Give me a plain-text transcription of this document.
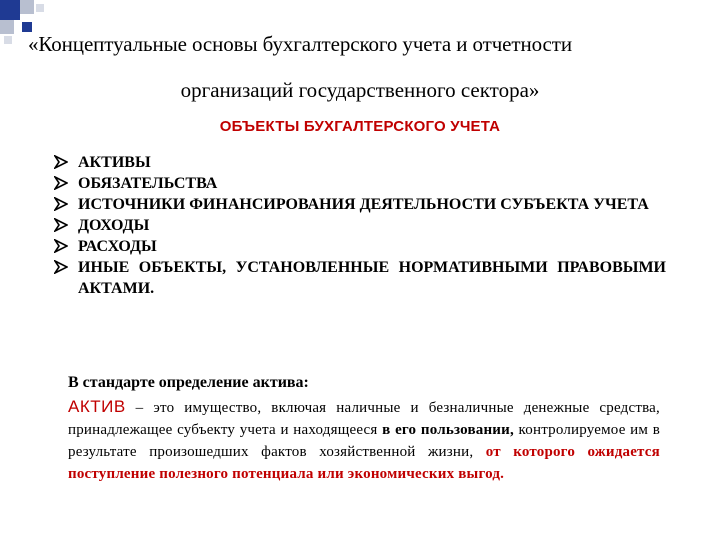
«Концептуальные основы бухгалтерского учета и отчетности
организаций государственного сектора»
ОБЪЕКТЫ БУХГАЛТЕРСКОГО УЧЕТА
АКТИВЫ
ОБЯЗАТЕЛЬСТВА
ИСТОЧНИКИ ФИНАНСИРОВАНИЯ ДЕЯТЕЛЬНОСТИ СУБЪЕКТА УЧЕТА
ДОХОДЫ
РАСХОДЫ
ИНЫЕ ОБЪЕКТЫ, УСТАНОВЛЕННЫЕ НОРМАТИВНЫМИ ПРАВОВЫМИ АКТАМИ.
В стандарте определение актива:
АКТИВ – это имущество, включая наличные и безналичные денежные средства, принадлежащее субъекту учета и находящееся в его пользовании, контролируемое им в результате произошедших фактов хозяйственной жизни, от которого ожидается поступление полезного потенциала или экономических выгод.
